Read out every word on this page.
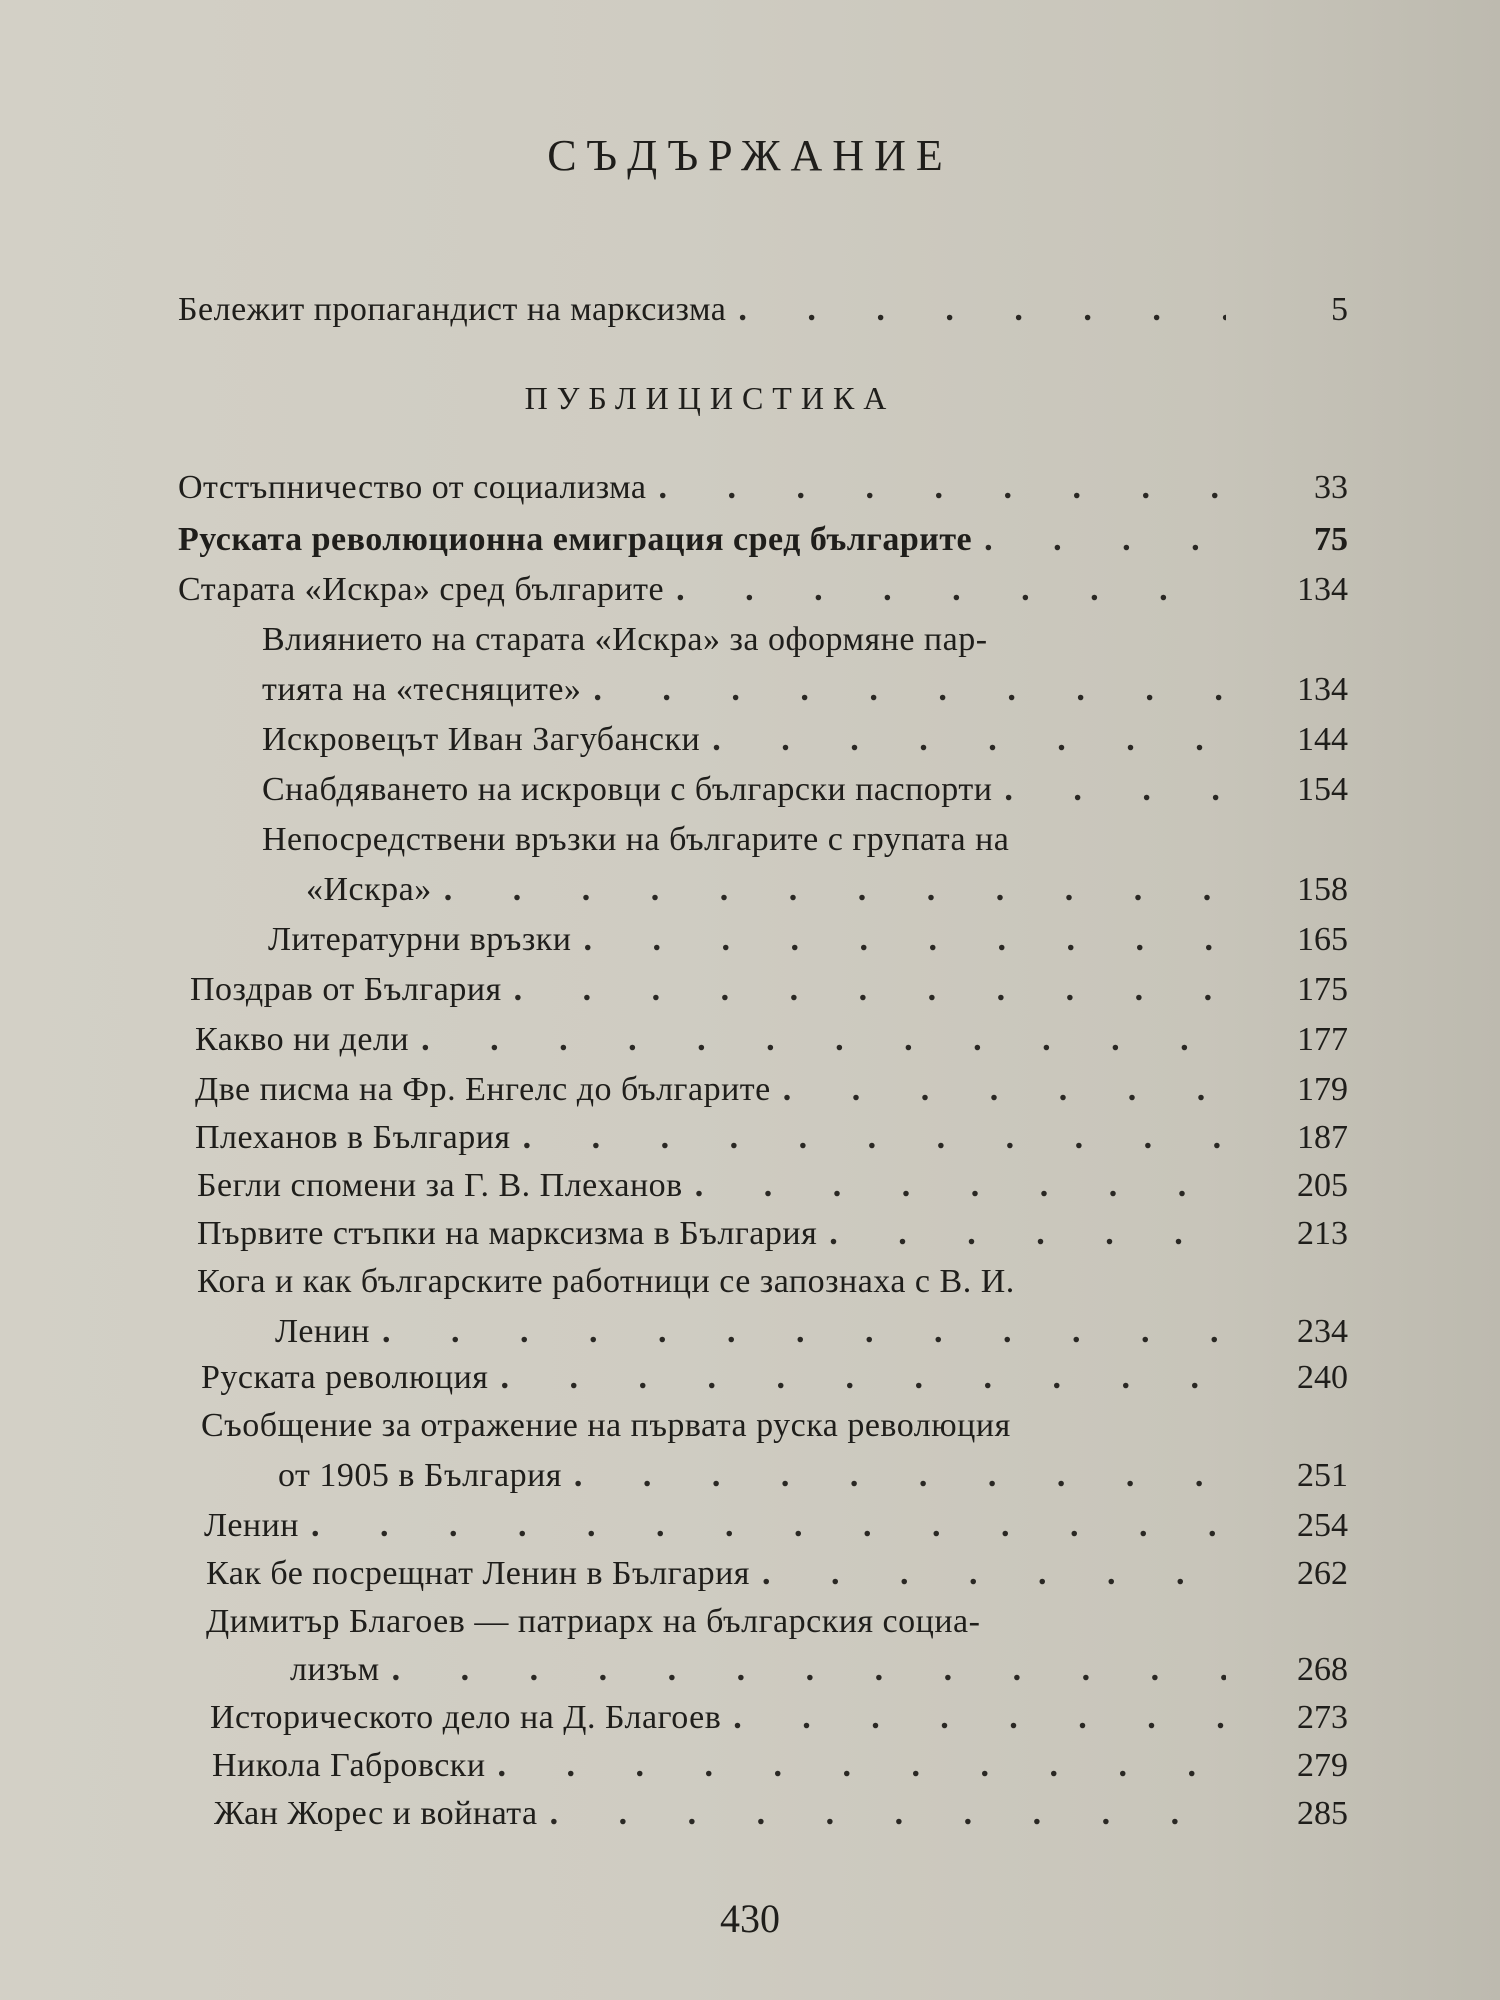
СЪДЪРЖАНИЕ
Бележит пропагандист на марксизма . . .	5
ПУБЛИЦИСТИКА
Отстъпничество от социализма . . .	33
Руската революционна емиграция сред българите . . .	75
Старата «Искра» сред българите . . .	134
Влиянието на старата «Искра» за оформяне пар-
тията на «тесняците» . . .	134
Искровецът Иван Загубански . . .	144
Снабдяването на искровци с български паспорти . . .	154
Непосредствени връзки на българите с групата на
«Искра» . . .	158
Литературни връзки . . .	165
Поздрав от България . . .	175
Какво ни дели . . .	177
Две писма на Фр. Енгелс до българите . . .	179
Плеханов в България . . .	187
Бегли спомени за Г. В. Плеханов . . .	205
Първите стъпки на марксизма в България . . .	213
Кога и как българските работници се запознаха с В. И.
Ленин . . .	234
Руската революция . . .	240
Съобщение за отражение на първата руска революция
от 1905 в България . . .	251
Ленин . . .	254
Как бе посрещнат Ленин в България . . .	262
Димитър Благоев — патриарх на българския социа-
лизъм . . .	268
Историческото дело на Д. Благоев . . .	273
Никола Габровски . . .	279
Жан Жорес и войната . . .	285
430
